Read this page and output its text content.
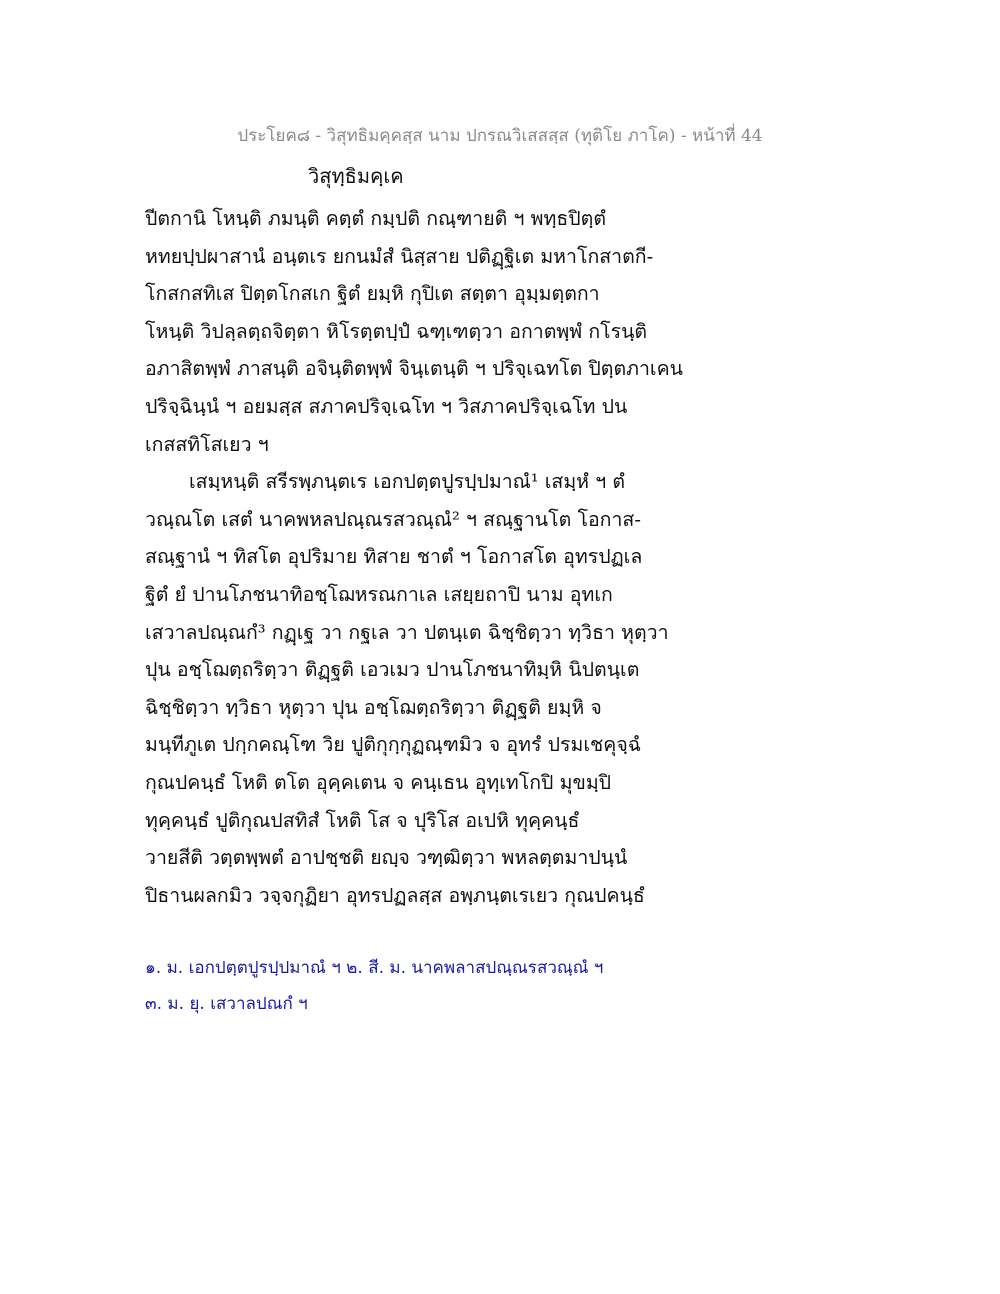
ประโยค๘ - วิสุทธิมคฺคสฺส นาม ปกรณวิเสสสฺส (ทุติโย ภาโค) - หน้าที่ 44
วิสุทฺธิมคฺเค
ปีตกานิ โหนฺติ ภมนฺติ คตฺตํ กมฺปติ กณฺฑายติ ฯ พทฺธปิตฺตํ
หทยปฺปผาสานํ อนฺตเร ยกนมํสํ นิสฺสาย ปติฏฺฐิเต มหาโกสาตกี-
โกสกสทิเส ปิตฺตโกสเก ฐิตํ ยมฺหิ กุปิเต สตฺตา อุมฺมตฺตกา
โหนฺติ วิปลฺลตฺถจิตฺตา หิโรตฺตปฺปํ ฉฑฺเฑตฺวา อกาตพฺพํ กโรนฺติ
อภาสิตพฺพํ ภาสนฺติ อจินฺติตพฺพํ จินฺเตนฺติ ฯ ปริจฺเฉทโต ปิตฺตภาเคน
ปริจฺฉินฺนํ ฯ อยมสฺส สภาคปริจฺเฉโท ฯ วิสภาคปริจฺเฉโท ปน
เกสสทิโสเยว ฯ
เสมฺหนฺติ สรีรพฺภนฺตเร เอกปตฺตปูรปฺปมาณํ¹ เสมฺหํ ฯ ตํ
วณฺณโต เสตํ นาคพหลปณฺณรสวณฺณํ² ฯ สณฺฐานโต โอกาส-
สณฺฐานํ ฯ ทิสโต อุปริมาย ทิสาย ชาตํ ฯ โอกาสโต อุทรปฏเล
ฐิตํ ยํ ปานโภชนาทิอชฺโฌหรณกาเล เสยฺยถาปิ นาม อุทเก
เสวาลปณฺณกํ³ กฏฺเฐ วา กฐเล วา ปตนฺเต ฉิชฺชิตฺวา ทฺวิธา หุตฺวา
ปุน อชฺโฌตฺถริตฺวา ติฏฺฐติ เอวเมว ปานโภชนาทิมฺหิ นิปตนฺเต
ฉิชฺชิตฺวา ทฺวิธา หุตฺวา ปุน อชฺโฌตฺถริตฺวา ติฏฺฐติ ยมฺหิ จ
มนฺทีภูเต ปกฺกคณฺโฑ วิย ปูติกุกฺกุฏณฺฑมิว จ อุทรํ ปรมเชคุจฺฉํ
กุณปคนฺธํ โหติ ตโต อุคฺคเตน จ คนฺเธน อุทฺเทโกปิ มุขมฺปิ
ทุคฺคนฺธํ ปูติกุณปสทิสํ โหติ โส จ ปุริโส อเปหิ ทุคฺคนฺธํ
วายสีติ วตฺตพฺพตํ อาปชฺชติ ยญฺจ วฑฺฒิตฺวา พหลตฺตมาปนฺนํ
ปิธานผลกมิว วจฺจกุฏิยา อุทรปฏลสฺส อพฺภนฺตเรเยว กุณปคนฺธํ
๑. ม. เอกปตฺตปูรปฺปมาณํ ฯ ๒. สี. ม. นาคพลาสปณฺณรสวณฺณํ ฯ
๓. ม. ยุ. เสวาลปณกํ ฯ
